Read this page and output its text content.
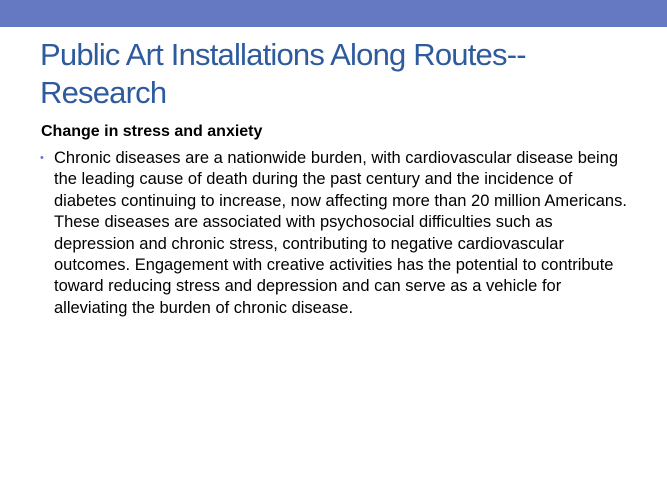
Public Art Installations Along Routes--Research
Change in stress and anxiety
• Chronic diseases are a nationwide burden, with cardiovascular disease being the leading cause of death during the past century and the incidence of diabetes continuing to increase, now affecting more than 20 million Americans. These diseases are associated with psychosocial difficulties such as depression and chronic stress, contributing to negative cardiovascular outcomes. Engagement with creative activities has the potential to contribute toward reducing stress and depression and can serve as a vehicle for alleviating the burden of chronic disease.
